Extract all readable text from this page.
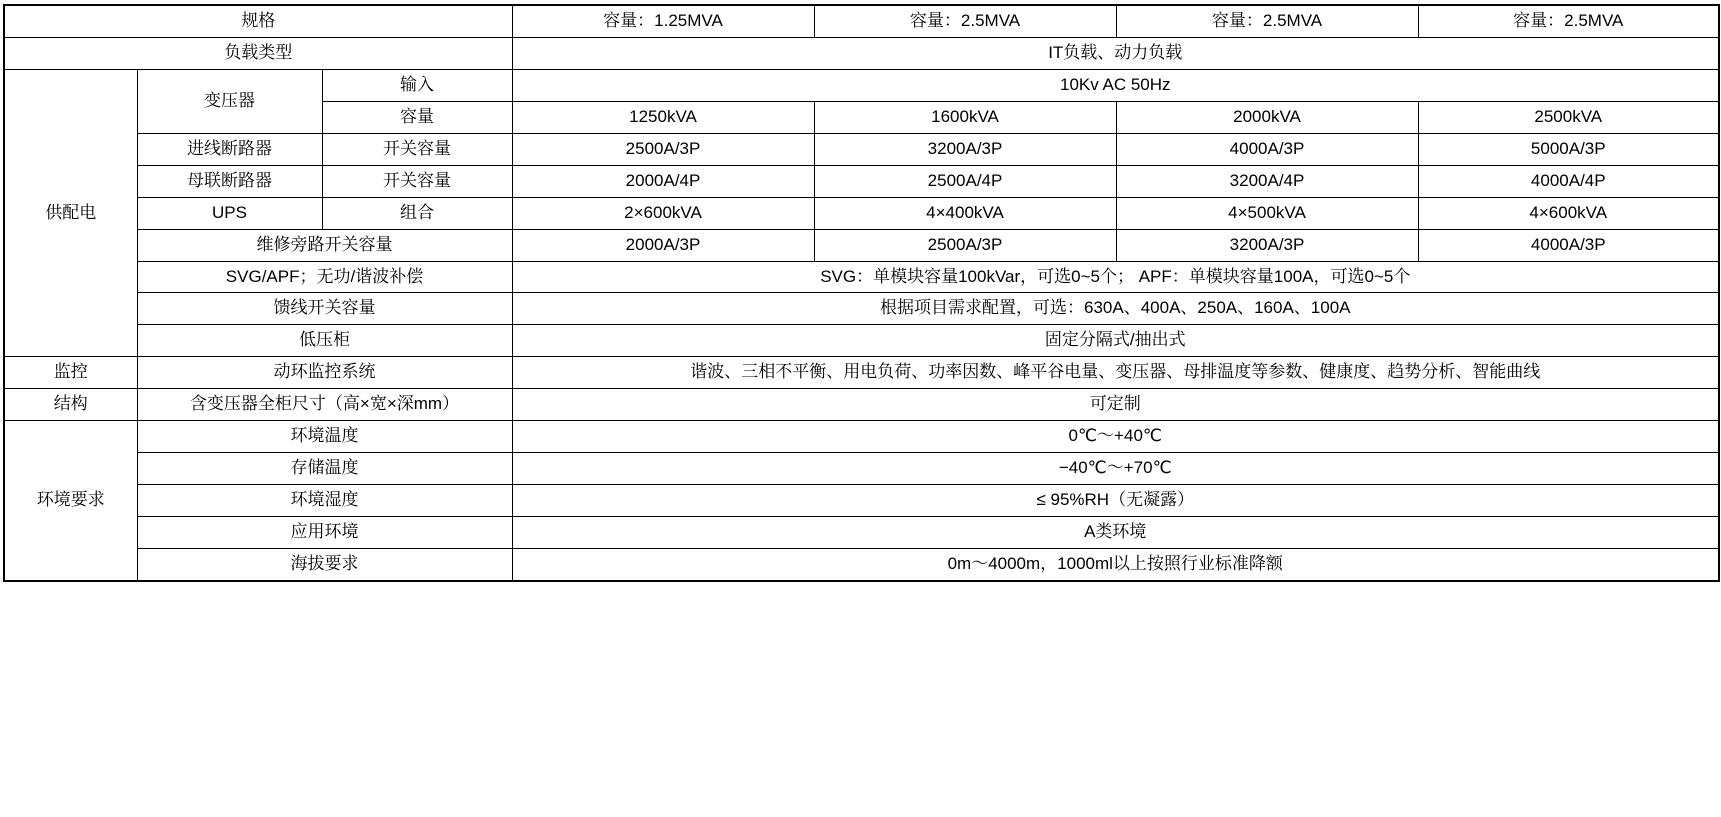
规格			容量：1.25MVA	容量：2.5MVA	容量：2.5MVA	容量：2.5MVA
负载类型			IT负载、动力负载			
供配电	变压器	输入	10Kv AC 50Hz			
		容量	1250kVA	1600kVA	2000kVA	2500kVA
	进线断路器	开关容量	2500A/3P	3200A/3P	4000A/3P	5000A/3P
	母联断路器	开关容量	2000A/4P	2500A/4P	3200A/4P	4000A/4P
	UPS	组合	2×600kVA	4×400kVA	4×500kVA	4×600kVA
	维修旁路开关容量		2000A/3P	2500A/3P	3200A/3P	4000A/3P
	SVG/APF；无功/谐波补偿		SVG：单模块容量100kVar，可选0~5个； APF：单模块容量100A，可选0~5个			
	馈线开关容量		根据项目需求配置，可选：630A、400A、250A、160A、100A			
	低压柜		固定分隔式/抽出式			
监控	动环监控系统		谐波、三相不平衡、用电负荷、功率因数、峰平谷电量、变压器、母排温度等参数、健康度、趋势分析、智能曲线			
结构	含变压器全柜尺寸（高×宽×深mm）		可定制			
环境要求	环境温度		0℃～+40℃			
	存储温度		−40℃～+70℃			
	环境湿度		≤ 95%RH（无凝露）			
	应用环境		A类环境			
	海拔要求		0m～4000m，1000ml以上按照行业标准降额			
